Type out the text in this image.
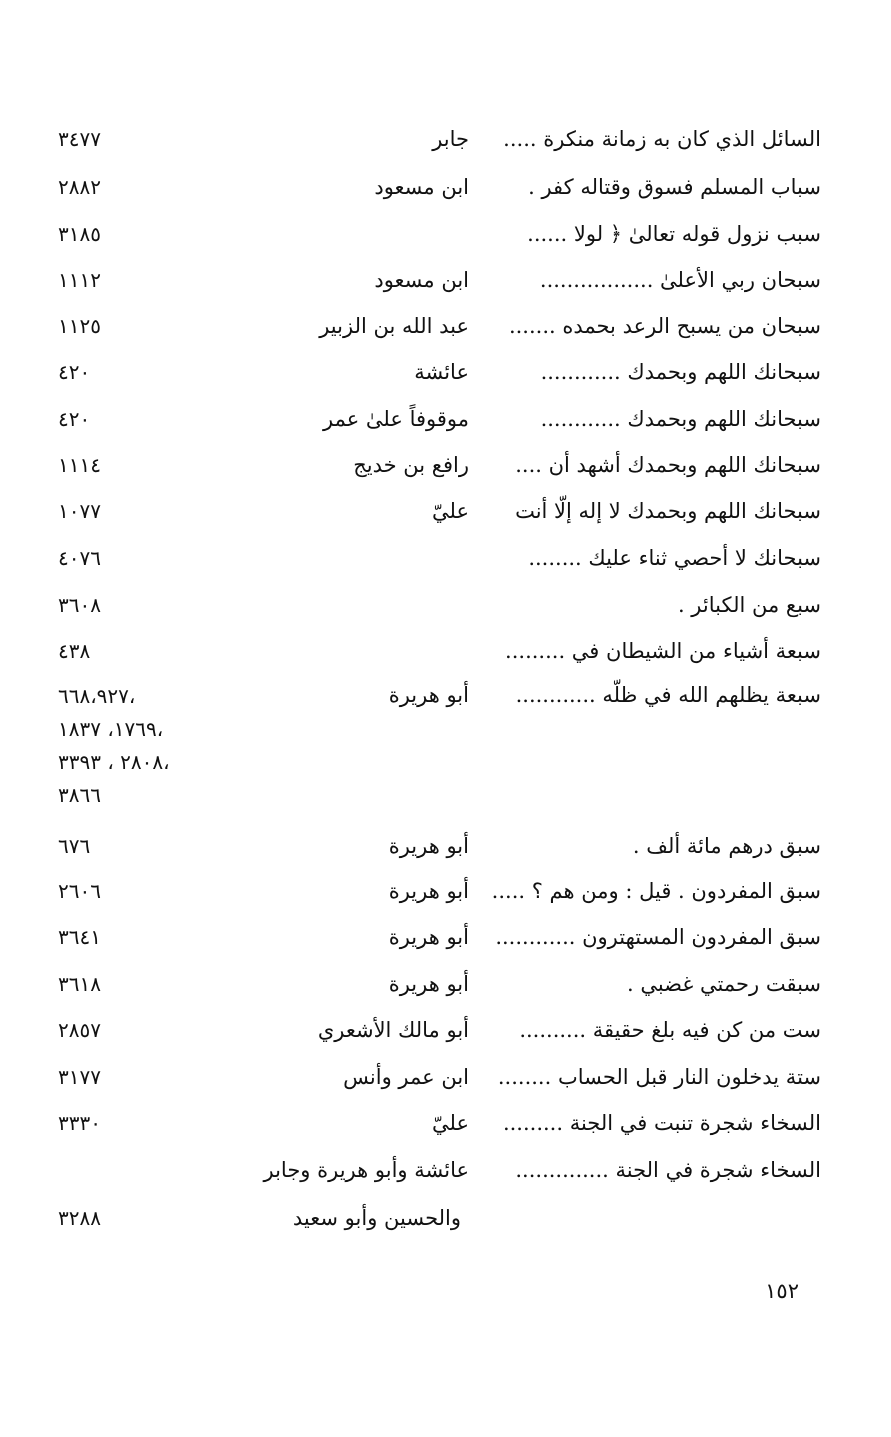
السائل الذي كان به زمانة منكرة .....
جابر
٣٤٧٧
سباب المسلم فسوق وقتاله كفر .
ابن مسعود
٢٨٨٢
سبب نزول قوله تعالىٰ ﴿ لولا ......
٣١٨٥
سبحان ربي الأعلىٰ .................
ابن مسعود
١١١٢
سبحان من يسبح الرعد بحمده .......
عبد الله بن الزبير
١١٢٥
سبحانك اللهم وبحمدك ............
عائشة
٤٢٠
سبحانك اللهم وبحمدك ............
موقوفاً علىٰ عمر
٤٢٠
سبحانك اللهم وبحمدك أشهد أن ....
رافع بن خديج
١١١٤
سبحانك اللهم وبحمدك لا إله إلّا أنت
عليّ
١٠٧٧
سبحانك لا أحصي ثناء عليك ........
٤٠٧٦
سبع من الكبائر .
٣٦٠٨
سبعة أشياء من الشيطان في .........
٤٣٨
سبعة يظلهم الله في ظلّه ............
أبو هريرة
٦٦٨،٩٢٧،
١٧٦٩، ١٨٣٧،
٢٨٠٨ ، ٣٣٩٣،
٣٨٦٦
سبق درهم مائة ألف .
أبو هريرة
٦٧٦
سبق المفردون . قيل : ومن هم ؟ .....
أبو هريرة
٢٦٠٦
سبق المفردون المستهترون ............
أبو هريرة
٣٦٤١
سبقت رحمتي غضبي .
أبو هريرة
٣٦١٨
ست من كن فيه بلغ حقيقة ..........
أبو مالك الأشعري
٢٨٥٧
ستة يدخلون النار قبل الحساب ........
ابن عمر وأنس
٣١٧٧
السخاء شجرة تنبت في الجنة .........
عليّ
٣٣٣٠
السخاء شجرة في الجنة ..............
عائشة وأبو هريرة وجابر
والحسين وأبو سعيد
٣٢٨٨
١٥٢
